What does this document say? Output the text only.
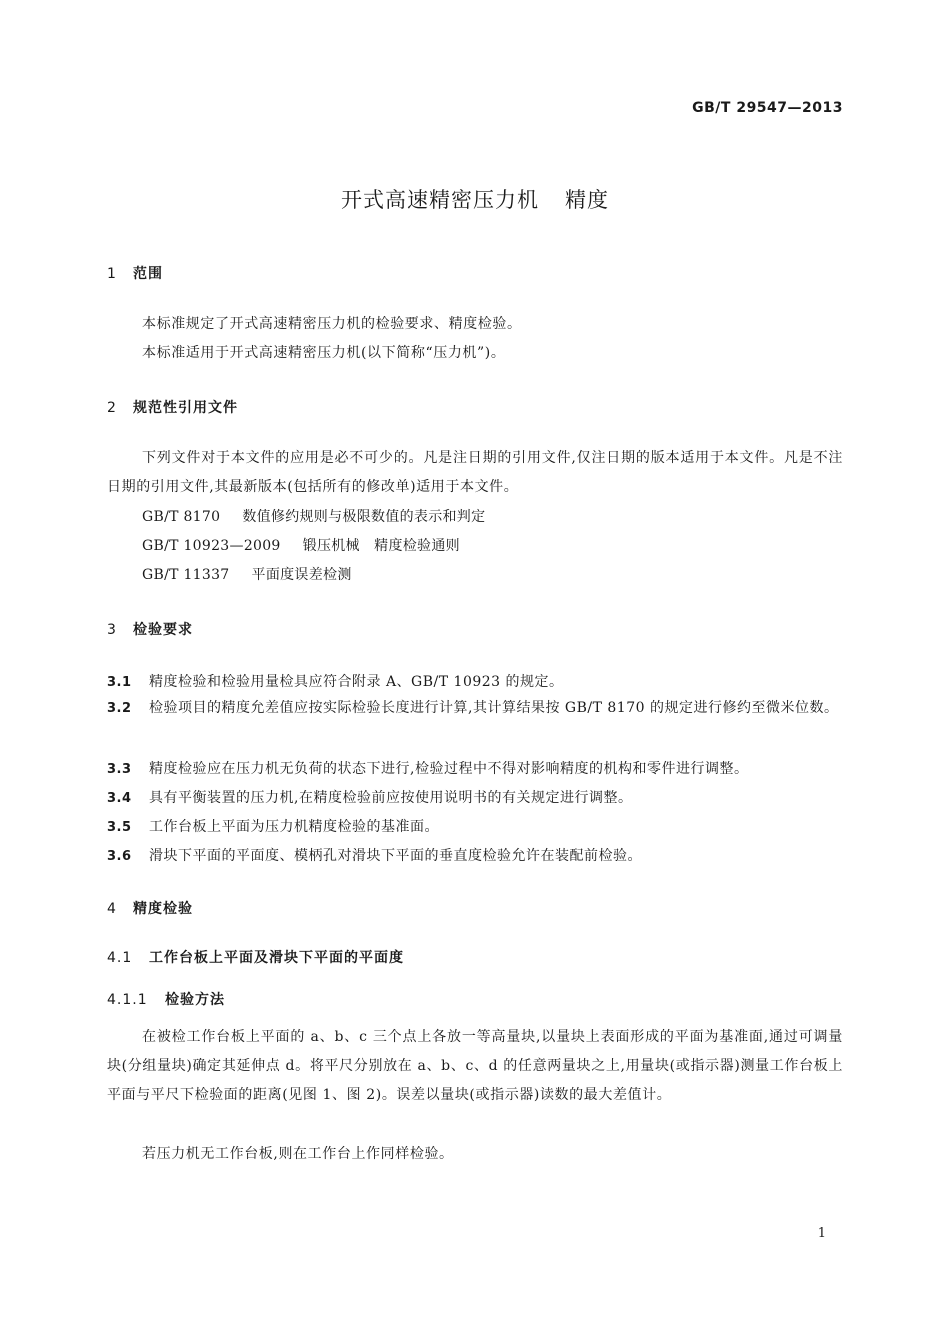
GB/T 29547—2013
开式高速精密压力机 精度
1 范围
本标准规定了开式高速精密压力机的检验要求、精度检验。
本标准适用于开式高速精密压力机(以下简称“压力机”)。
2 规范性引用文件
下列文件对于本文件的应用是必不可少的。凡是注日期的引用文件,仅注日期的版本适用于本文件。凡是不注日期的引用文件,其最新版本(包括所有的修改单)适用于本文件。
GB/T 8170 数值修约规则与极限数值的表示和判定
GB/T 10923—2009 锻压机械　精度检验通则
GB/T 11337 平面度误差检测
3 检验要求
3.1 精度检验和检验用量检具应符合附录 A、GB/T 10923 的规定。
3.2 检验项目的精度允差值应按实际检验长度进行计算,其计算结果按 GB/T 8170 的规定进行修约至微米位数。
3.3 精度检验应在压力机无负荷的状态下进行,检验过程中不得对影响精度的机构和零件进行调整。
3.4 具有平衡装置的压力机,在精度检验前应按使用说明书的有关规定进行调整。
3.5 工作台板上平面为压力机精度检验的基准面。
3.6 滑块下平面的平面度、模柄孔对滑块下平面的垂直度检验允许在装配前检验。
4 精度检验
4.1 工作台板上平面及滑块下平面的平面度
4.1.1 检验方法
在被检工作台板上平面的 a、b、c 三个点上各放一等高量块,以量块上表面形成的平面为基准面,通过可调量块(分组量块)确定其延伸点 d。将平尺分别放在 a、b、c、d 的任意两量块之上,用量块(或指示器)测量工作台板上平面与平尺下检验面的距离(见图 1、图 2)。误差以量块(或指示器)读数的最大差值计。
若压力机无工作台板,则在工作台上作同样检验。
1
